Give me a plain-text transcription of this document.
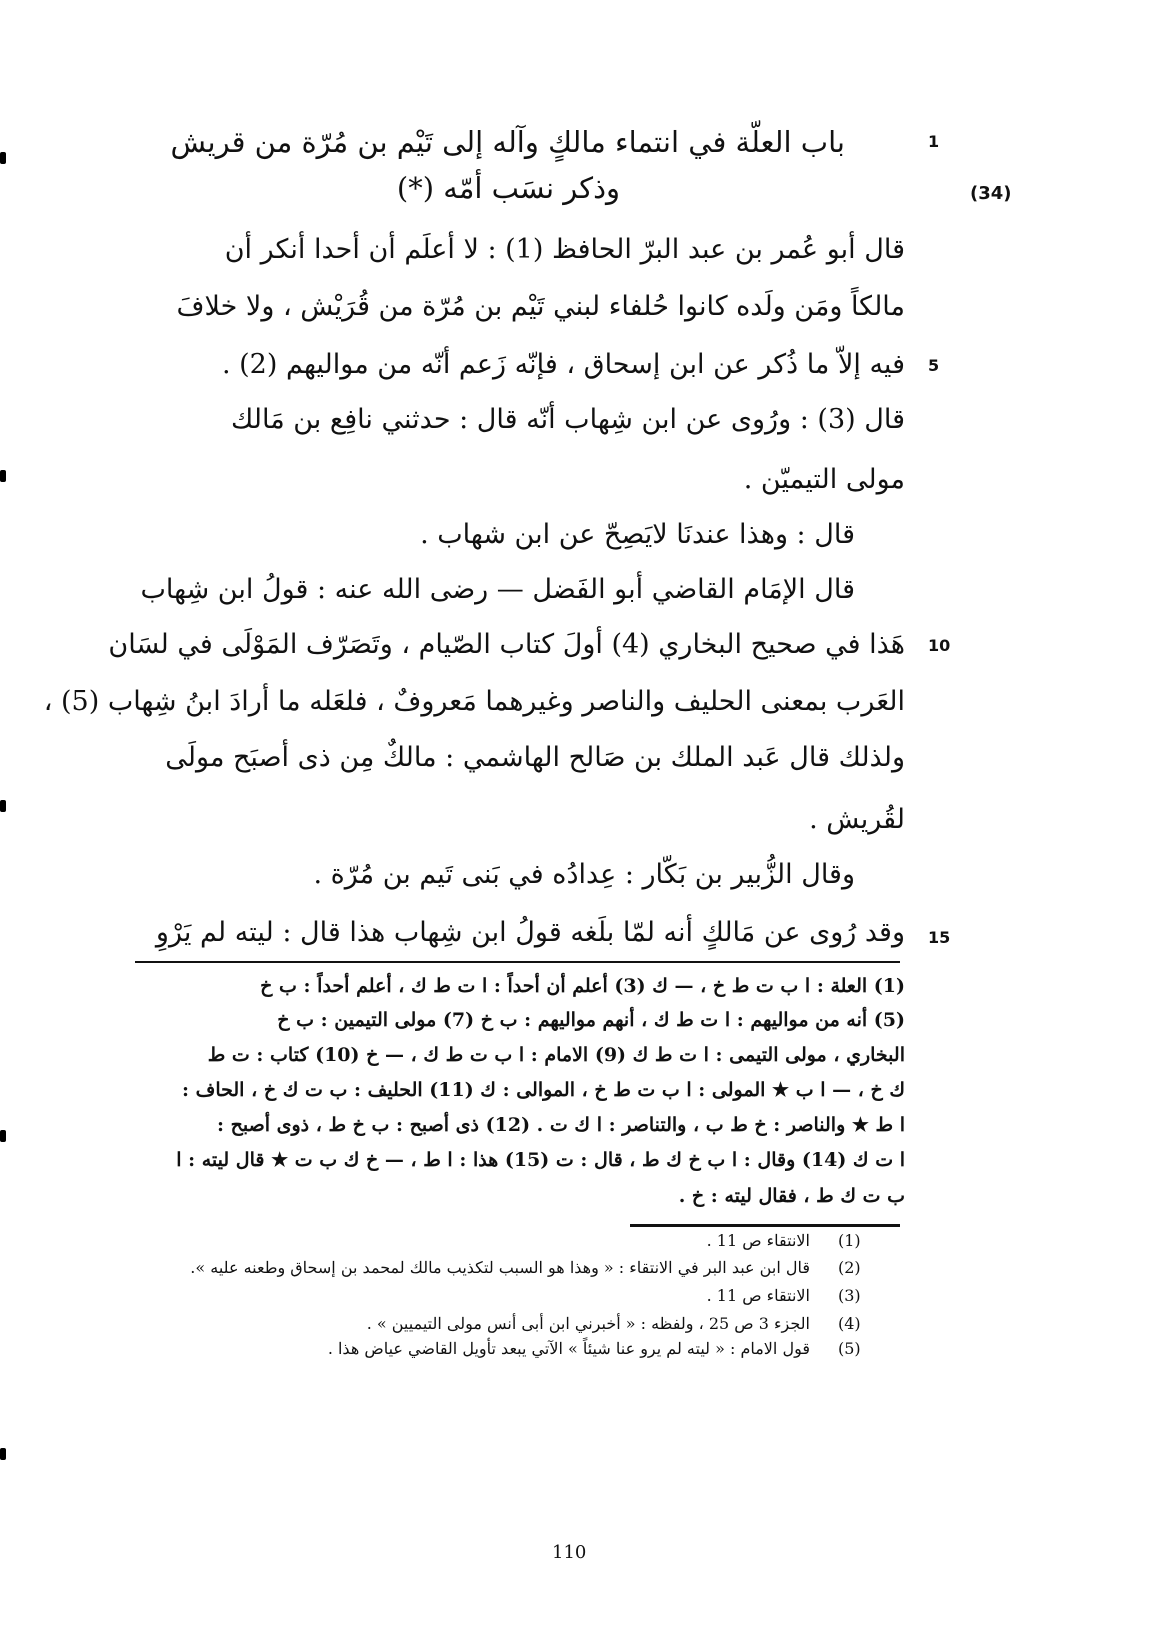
باب العلّة في انتماء مالكٍ وآله إلى تَيْم بن مُرّة من قريش
وذكر نسَب أمّه (*)	(34)
1
5
10
15
قال أبو عُمر بن عبد البرّ الحافظ (1) : لا أعلَم أن أحدا أنكر أن
مالكاً ومَن ولَده كانوا حُلفاء لبني تَيْم بن مُرّة من قُرَيْش ، ولا خلافَ
فيه إلاّ ما ذُكر عن ابن إسحاق ، فإنّه زَعم أنّه من مواليهم (2) .
قال (3) : ورُوى عن ابن شِهاب أنّه قال : حدثني نافِع بن مَالك
مولى التيميّن .
قال : وهذا عندنَا لايَصِحّ عن ابن شهاب .
قال الإمَام القاضي أبو الفَضل — رضى الله عنه : قولُ ابن شِهاب
هَذا في صحيح البخاري (4) أولَ كتاب الصّيام ، وتَصَرّف المَوْلَى في لسَان
العَرب بمعنى الحليف والناصر وغيرهما مَعروفٌ ، فلعَله ما أرادَ ابنُ شِهاب (5) ،
ولذلك قال عَبد الملك بن صَالح الهاشمي : مالكٌ مِن ذى أصبَح مولَى
لقُريش .
وقال الزُّبير بن بَكّار : عِدادُه في بَنى تَيم بن مُرّة .
وقد رُوى عن مَالكٍ أنه لمّا بلَغه قولُ ابن شِهاب هذا قال : ليته لم يَرْوِ
(1) العلة : ا ب ت ط خ ، — ك (3) أعلم أن أحداً : ا ت ط ك ، أعلم أحداً : ب خ
(5) أنه من مواليهم : ا ت ط ك ، أنهم مواليهم : ب خ (7) مولى التيمين : ب خ
البخاري ، مولى التيمى : ا ت ط ك (9) الامام : ا ب ت ط ك ، — خ (10) كتاب : ت ط
ك خ ، — ا ب ★ المولى : ا ب ت ط خ ، الموالى : ك (11) الحليف : ب ت ك خ ، الحاف :
ا ط ★ والناصر : خ ط ب ، والتناصر : ا ك ت . (12) ذى أصبح : ب خ ط ، ذوى أصبح :
ا ت ك (14) وقال : ا ب خ ك ط ، قال : ت (15) هذا : ا ط ، — خ ك ب ت ★ قال ليته : ا
ب ت ك ط ، فقال ليته : خ .
(1)
الانتقاء ص 11 .
(2)
قال ابن عبد البر في الانتقاء : « وهذا هو السبب لتكذيب مالك لمحمد بن إسحاق وطعنه عليه ».
(3)
الانتقاء ص 11 .
(4)
الجزء 3 ص 25 ، ولفظه : « أخبرني ابن أبى أنس مولى التيميين » .
(5)
قول الامام : « ليته لم يرو عنا شيئاً » الآتي يبعد تأويل القاضي عياض هذا .
110
